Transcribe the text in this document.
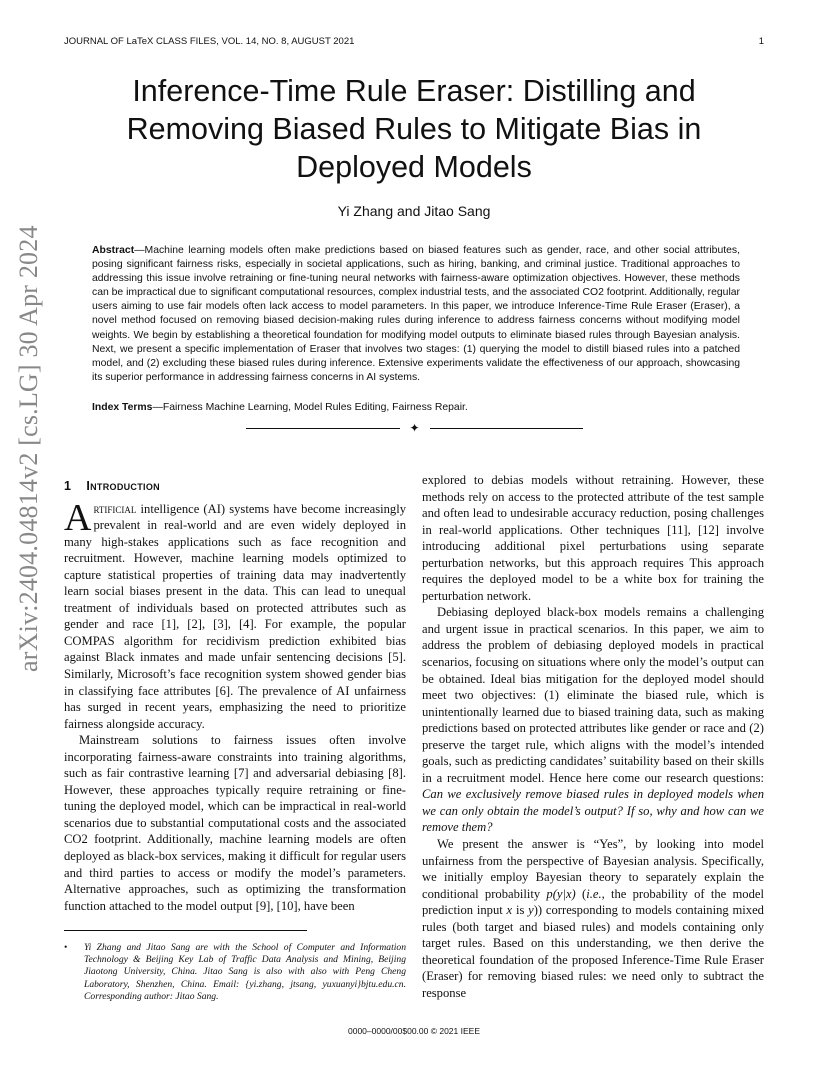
JOURNAL OF LaTeX CLASS FILES, VOL. 14, NO. 8, AUGUST 2021	1
Inference-Time Rule Eraser: Distilling and
Removing Biased Rules to Mitigate Bias in
Deployed Models
Yi Zhang and Jitao Sang
Abstract—Machine learning models often make predictions based on biased features such as gender, race, and other social attributes, posing significant fairness risks, especially in societal applications, such as hiring, banking, and criminal justice. Traditional approaches to addressing this issue involve retraining or fine-tuning neural networks with fairness-aware optimization objectives. However, these methods can be impractical due to significant computational resources, complex industrial tests, and the associated CO2 footprint. Additionally, regular users aiming to use fair models often lack access to model parameters. In this paper, we introduce Inference-Time Rule Eraser (Eraser), a novel method focused on removing biased decision-making rules during inference to address fairness concerns without modifying model weights. We begin by establishing a theoretical foundation for modifying model outputs to eliminate biased rules through Bayesian analysis. Next, we present a specific implementation of Eraser that involves two stages: (1) querying the model to distill biased rules into a patched model, and (2) excluding these biased rules during inference. Extensive experiments validate the effectiveness of our approach, showcasing its superior performance in addressing fairness concerns in AI systems.
Index Terms—Fairness Machine Learning, Model Rules Editing, Fairness Repair.
✦
arXiv:2404.04814v2 [cs.LG] 30 Apr 2024 1 Introduction

Artificial intelligence (AI) systems have become increasingly prevalent in real-world and are even widely deployed in many high-stakes applications such as face recognition and recruitment. However, machine learning models optimized to capture statistical properties of training data may inadvertently learn social biases present in the data. This can lead to unequal treatment of individuals based on protected attributes such as gender and race [1], [2], [3], [4]. For example, the popular COMPAS algorithm for recidivism prediction exhibited bias against Black inmates and made unfair sentencing decisions [5]. Similarly, Microsoft’s face recognition system showed gender bias in classifying face attributes [6]. The prevalence of AI unfairness has surged in recent years, emphasizing the need to prioritize fairness alongside accuracy.

Mainstream solutions to fairness issues often involve incorporating fairness-aware constraints into training algorithms, such as fair contrastive learning [7] and adversarial debiasing [8]. However, these approaches typically require retraining or fine-tuning the deployed model, which can be impractical in real-world scenarios due to substantial computational costs and the associated CO2 footprint. Additionally, machine learning models are often deployed as black-box services, making it difficult for regular users and third parties to access or modify the model’s parameters. Alternative approaches, such as optimizing the transformation function attached to the model output [9], [10], have been

explored to debias models without retraining. However, these methods rely on access to the protected attribute of the test sample and often lead to undesirable accuracy reduction, posing challenges in real-world applications. Other techniques [11], [12] involve introducing additional pixel perturbations using separate perturbation networks, but this approach requires This approach requires the deployed model to be a white box for training the perturbation network.

Debiasing deployed black-box models remains a challenging and urgent issue in practical scenarios. In this paper, we aim to address the problem of debiasing deployed models in practical scenarios, focusing on situations where only the model’s output can be obtained. Ideal bias mitigation for the deployed model should meet two objectives: (1) eliminate the biased rule, which is unintentionally learned due to biased training data, such as making predictions based on protected attributes like gender or race and (2) preserve the target rule, which aligns with the model’s intended goals, such as predicting candidates’ suitability based on their skills in a recruitment model. Hence here come our research questions: Can we exclusively remove biased rules in deployed models when we can only obtain the model’s output? If so, why and how can we remove them?

We present the answer is “Yes”, by looking into model unfairness from the perspective of Bayesian analysis. Specifically, we initially employ Bayesian theory to separately explain the conditional probability p(y|x) (i.e., the probability of the model prediction input x is y)) corresponding to models containing mixed rules (both target and biased rules) and models containing only target rules. Based on this understanding, we then derive the theoretical foundation of the proposed Inference-Time Rule Eraser (Eraser) for removing biased rules: we need only to subtract the response

• Yi Zhang and Jitao Sang are with the School of Computer and Information Technology & Beijing Key Lab of Traffic Data Analysis and Mining, Beijing Jiaotong University, China. Jitao Sang is also with also with Peng Cheng Laboratory, Shenzhen, China. Email: {yi.zhang, jtsang, yuxuanyi}bjtu.edu.cn. Corresponding author: Jitao Sang.
0000–0000/00$00.00 © 2021 IEEE
